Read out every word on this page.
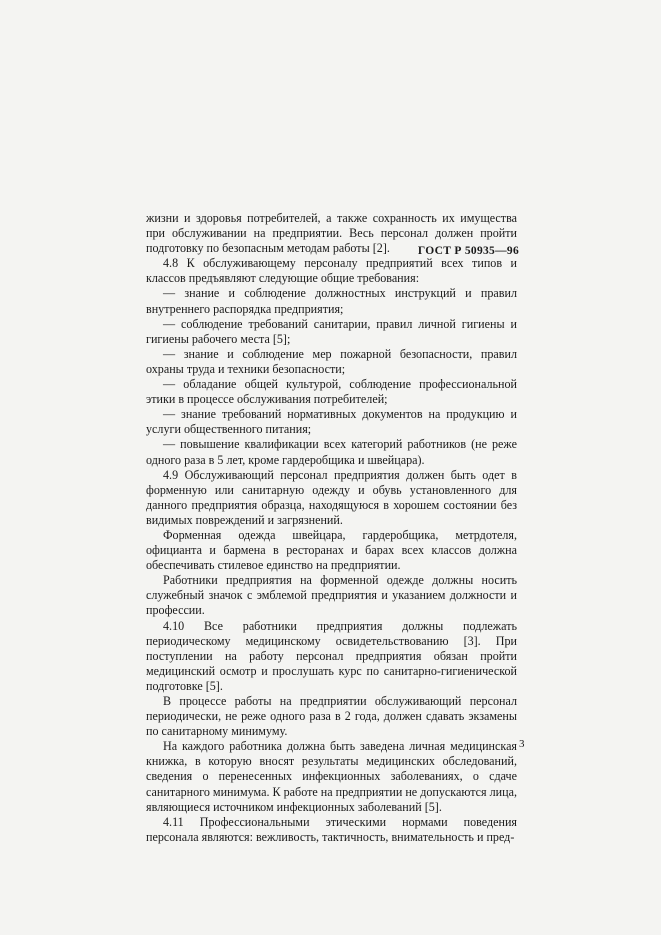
ГОСТ Р 50935—96

жизни и здоровья потребителей, а также сохранность их имущества при обслуживании на предприятии. Весь персонал должен пройти подготовку по безопасным методам работы [2].

4.8 К обслуживающему персоналу предприятий всех типов и классов предъявляют следующие общие требования:

— знание и соблюдение должностных инструкций и правил внутреннего распорядка предприятия;

— соблюдение требований санитарии, правил личной гигиены и гигиены рабочего места [5];

— знание и соблюдение мер пожарной безопасности, правил охраны труда и техники безопасности;

— обладание общей культурой, соблюдение профессиональной этики в процессе обслуживания потребителей;

— знание требований нормативных документов на продукцию и услуги общественного питания;

— повышение квалификации всех категорий работников (не реже одного раза в 5 лет, кроме гардеробщика и швейцара).

4.9 Обслуживающий персонал предприятия должен быть одет в форменную или санитарную одежду и обувь установленного для данного предприятия образца, находящуюся в хорошем состоянии без видимых повреждений и загрязнений.

Форменная одежда швейцара, гардеробщика, метрдотеля, официанта и бармена в ресторанах и барах всех классов должна обеспечивать стилевое единство на предприятии.

Работники предприятия на форменной одежде должны носить служебный значок с эмблемой предприятия и указанием должности и профессии.

4.10 Все работники предприятия должны подлежать периодическому медицинскому освидетельствованию [3]. При поступлении на работу персонал предприятия обязан пройти медицинский осмотр и прослушать курс по санитарно-гигиенической подготовке [5].

В процессе работы на предприятии обслуживающий персонал периодически, не реже одного раза в 2 года, должен сдавать экзамены по санитарному минимуму.

На каждого работника должна быть заведена личная медицинская книжка, в которую вносят результаты медицинских обследований, сведения о перенесенных инфекционных заболеваниях, о сдаче санитарного минимума. К работе на предприятии не допускаются лица, являющиеся источником инфекционных заболеваний [5].

4.11 Профессиональными этическими нормами поведения персонала являются: вежливость, тактичность, внимательность и пред-

3
